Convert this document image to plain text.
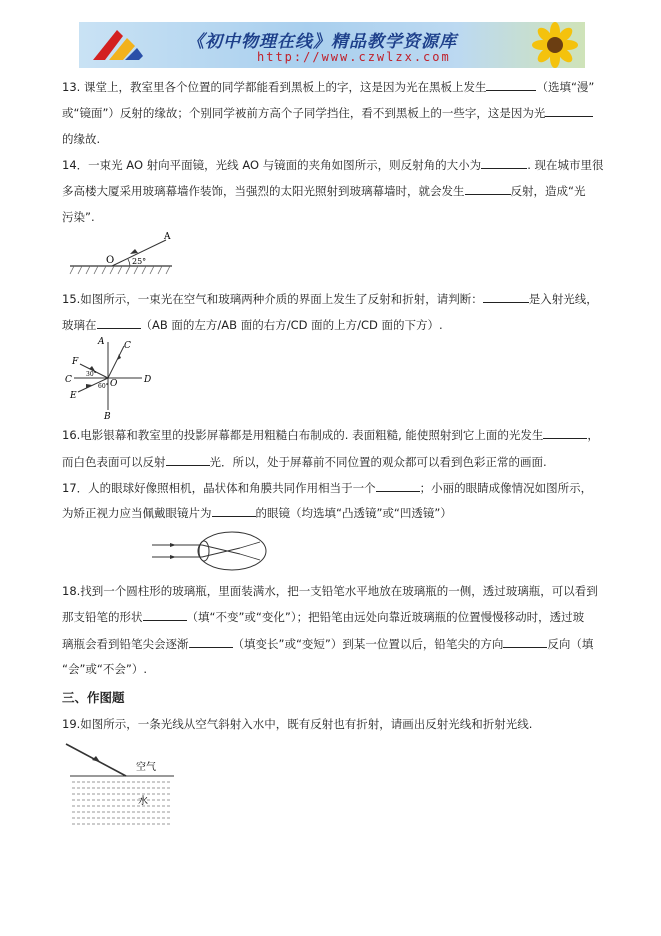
《初中物理在线》精品教学资源库
http://www.czwlzx.com
13. 课堂上，教室里各个位置的同学都能看到黑板上的字，这是因为光在黑板上发生	（选填“漫”
或“镜面”）反射的缘故；个别同学被前方高个子同学挡住，看不到黑板上的一些字，这是因为光
的缘故.
14．一束光 AO 射向平面镜，光线 AO 与镜面的夹角如图所示，则反射角的大小为	. 现在城市里很
多高楼大厦采用玻璃幕墙作装饰，当强烈的太阳光照射到玻璃幕墙时，就会发生	反射，造成“光
污染”.
A
O 25°
15.如图所示，一束光在空气和玻璃两种介质的界面上发生了反射和折射，请判断：	是入射光线，
玻璃在	（AB 面的左方/AB 面的右方/CD 面的上方/CD 面的下方）.
A
B
C	D
E
F
C
O
30°
60°
16.电影银幕和教室里的投影屏幕都是用粗糙白布制成的. 表面粗糙, 能使照射到它上面的光发生	，
而白色表面可以反射	光．所以，处于屏幕前不同位置的观众都可以看到色彩正常的画面.
17．人的眼球好像照相机，晶状体和角膜共同作用相当于一个	；小丽的眼睛成像情况如图所示，
为矫正视力应当佩戴眼镜片为	的眼镜（均选填“凸透镜”或“凹透镜”）
18.找到一个圆柱形的玻璃瓶，里面装满水，把一支铅笔水平地放在玻璃瓶的一侧，透过玻璃瓶，可以看到
那支铅笔的形状	（填“不变”或“变化”）；把铅笔由远处向靠近玻璃瓶的位置慢慢移动时，透过玻
璃瓶会看到铅笔尖会逐渐	（填变长”或“变短”）到某一位置以后，铅笔尖的方向	反向（填
“会”或“不会”）.
三、作图题
19.如图所示，一条光线从空气斜射入水中，既有反射也有折射，请画出反射光线和折射光线.
空气
水
